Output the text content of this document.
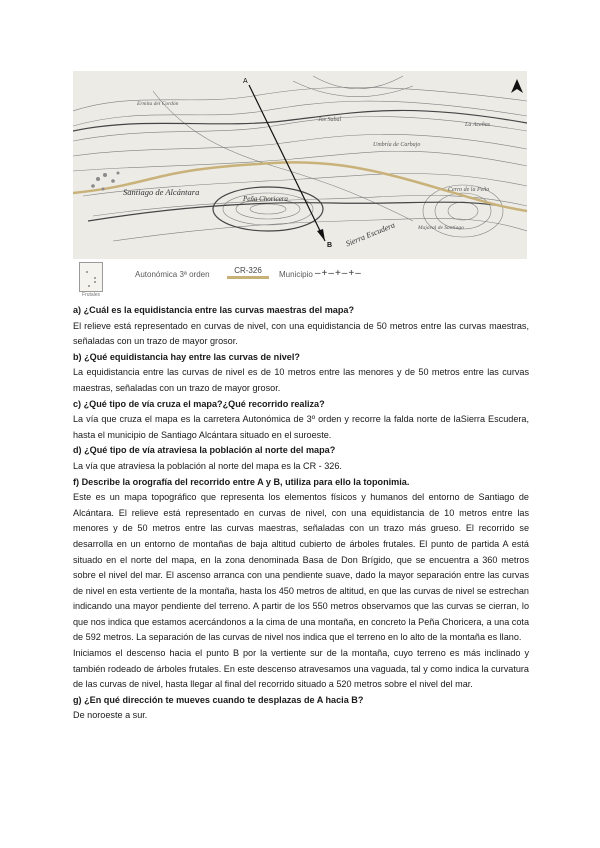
A
B
Santiago de Alcántara
Peña Choricera
Sierra Escudera
Ermita del Cordón
Jos Sabal
La Aceñas
Umbría de Carbajo
Cerro de la Peña
Majaval de Santiago
Frutales
Autonómica 3ª orden	CR-326	Municipio –+–+–+–

a) ¿Cuál es la equidistancia entre las curvas maestras del mapa?

El relieve está representado en curvas de nivel, con una equidistancia de 50 metros entre las curvas maestras, señaladas con un trazo de mayor grosor.

b) ¿Qué equidistancia hay entre las curvas de nivel?

La equidistancia entre las curvas de nivel es de 10 metros entre las menores y de 50 metros entre las curvas maestras, señaladas con un trazo de mayor grosor.

c) ¿Qué tipo de vía cruza el mapa?¿Qué recorrido realiza?

La vía que cruza el mapa es la carretera Autonómica de 3º orden y recorre la falda norte de laSierra Escudera, hasta el municipio de Santiago Alcántara situado en el suroeste.

d) ¿Qué tipo de vía atraviesa la población al norte del mapa?

La vía que atraviesa la población al norte del mapa es la CR - 326.

f) Describe la orografía del recorrido entre A y B, utiliza para ello la toponimia.

Este es un mapa topográfico que representa los elementos físicos y humanos del entorno de Santiago de Alcántara. El relieve está representado en curvas de nivel, con una equidistancia de 10 metros entre las menores y de 50 metros entre las curvas maestras, señaladas con un trazo más grueso. El recorrido se desarrolla en un entorno de montañas de baja altitud cubierto de árboles frutales. El punto de partida A está situado en el norte del mapa, en la zona denominada Basa de Don Brígido, que se encuentra a 360 metros sobre el nivel del mar. El ascenso arranca con una pendiente suave, dado la mayor separación entre las curvas de nivel en esta vertiente de la montaña, hasta los 450 metros de altitud, en que las curvas de nivel se estrechan indicando una mayor pendiente del terreno. A partir de los 550 metros observamos que las curvas se cierran, lo que nos indica que estamos acercándonos a la cima de una montaña, en concreto la Peña Choricera, a una cota de 592 metros. La separación de las curvas de nivel nos indica que el terreno en lo alto de la montaña es llano.

Iniciamos el descenso hacia el punto B por la vertiente sur de la montaña, cuyo terreno es más inclinado y también rodeado de árboles frutales. En este descenso atravesamos una vaguada, tal y como indica la curvatura de las curvas de nivel, hasta llegar al final del recorrido situado a 520 metros sobre el nivel del mar.

g) ¿En qué dirección te mueves cuando te desplazas de A hacia B?

De noroeste a sur.
